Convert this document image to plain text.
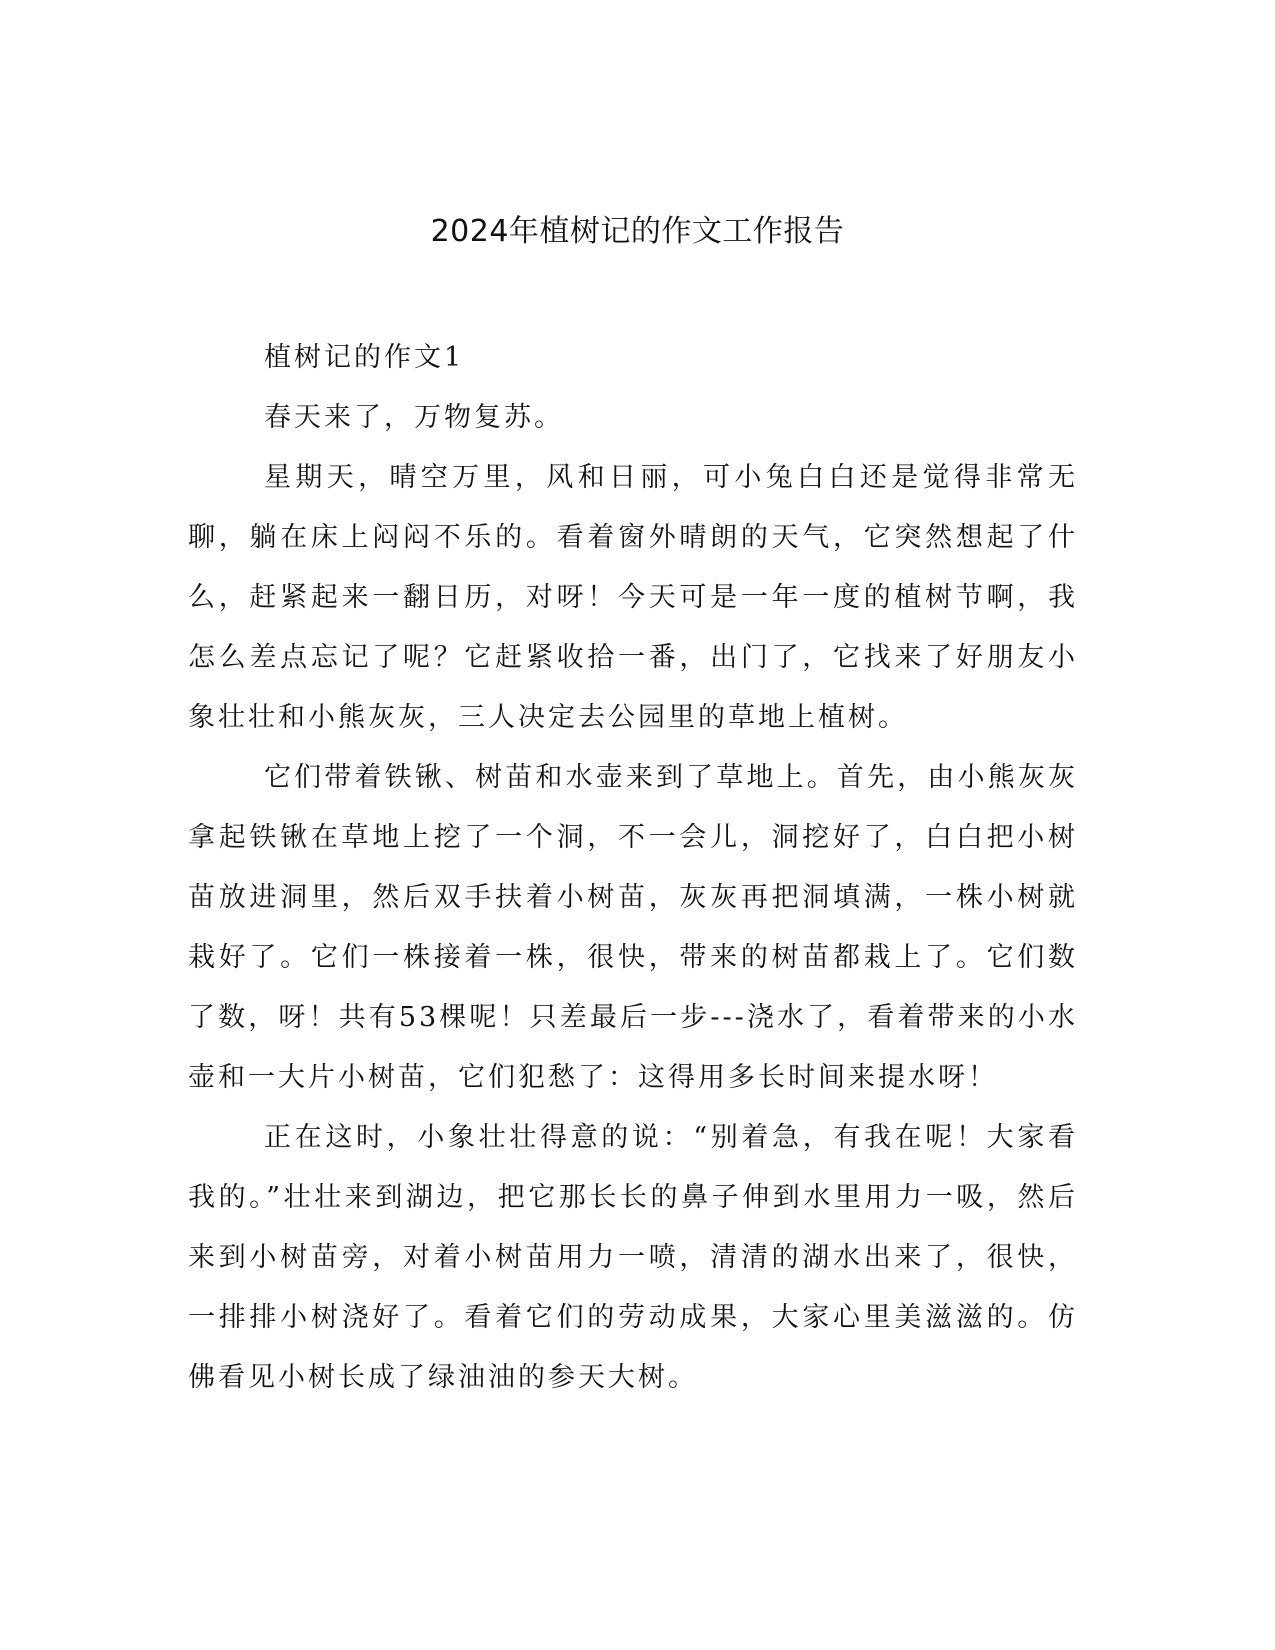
2024年植树记的作文工作报告

植树记的作文1

春天来了，万物复苏。

星期天，晴空万里，风和日丽，可小兔白白还是觉得非常无聊，躺在床上闷闷不乐的。看着窗外晴朗的天气，它突然想起了什么，赶紧起来一翻日历，对呀！今天可是一年一度的植树节啊，我怎么差点忘记了呢？它赶紧收拾一番，出门了，它找来了好朋友小象壮壮和小熊灰灰，三人决定去公园里的草地上植树。

它们带着铁锹、树苗和水壶来到了草地上。首先，由小熊灰灰拿起铁锹在草地上挖了一个洞，不一会儿，洞挖好了，白白把小树苗放进洞里，然后双手扶着小树苗，灰灰再把洞填满，一株小树就栽好了。它们一株接着一株，很快，带来的树苗都栽上了。它们数了数，呀！共有53棵呢！只差最后一步---浇水了，看着带来的小水壶和一大片小树苗，它们犯愁了：这得用多长时间来提水呀！

正在这时，小象壮壮得意的说：“别着急，有我在呢！大家看我的。”壮壮来到湖边，把它那长长的鼻子伸到水里用力一吸，然后来到小树苗旁，对着小树苗用力一喷，清清的湖水出来了，很快，一排排小树浇好了。看着它们的劳动成果，大家心里美滋滋的。仿佛看见小树长成了绿油油的参天大树。
